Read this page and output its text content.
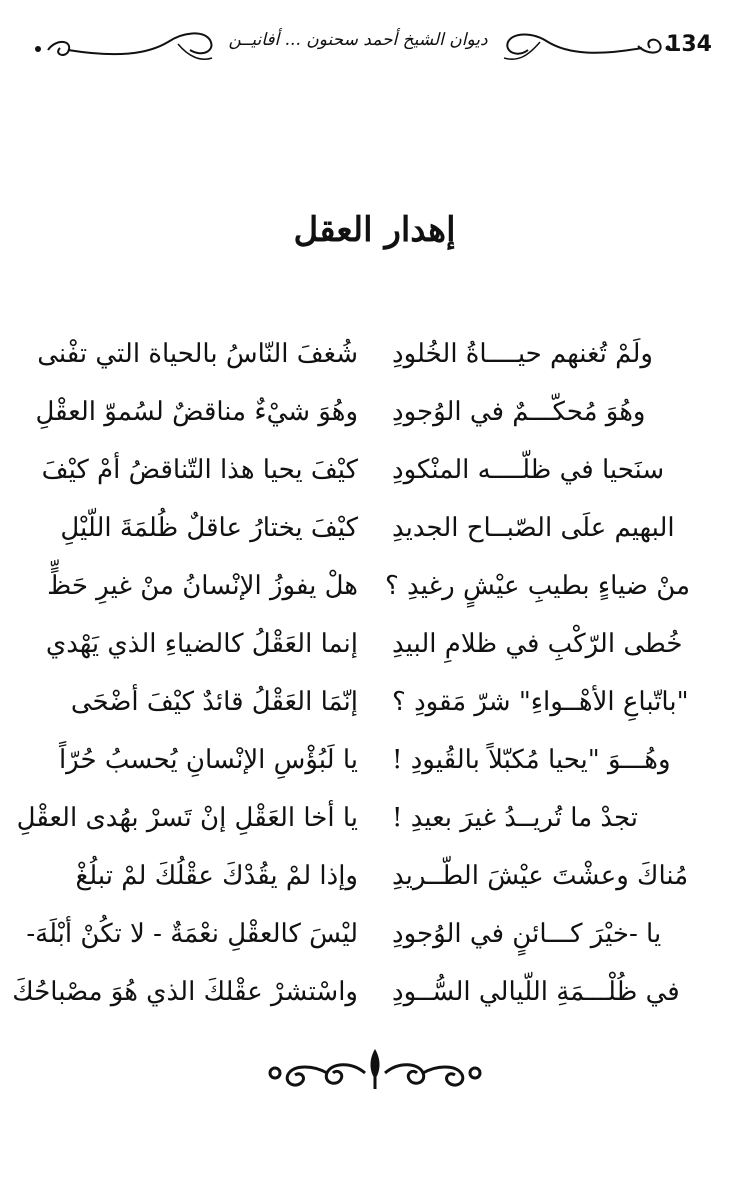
134
ديوان الشيخ أحمد سحنون ... أفانيــن
إهدار العقل
شُغفَ النّاسُ بالحياة التي تفْنى ولَمْ تُغنهم حيــــاةُ الخُلودِ
وهُوَ شيْءٌ مناقضٌ لسُموّ العقْلِ وهُوَ مُحكّـــمٌ في الوُجودِ
كيْفَ يحيا هذا التّناقضُ أمْ كيْفَ سنَحيا في ظلّــــه المنْكودِ
كيْفَ يختارُ عاقلٌ ظُلمَةَ اللّيْلِ البهيم علَى الصّبــاح الجديدِ
هلْ يفوزُ الإنْسانُ منْ غيرِ حَظٍّ منْ ضياءٍ بطيبِ عيْشٍ رغيدِ ؟
إنما العَقْلُ كالضياءِ الذي يَهْدي خُطى الرّكْبِ في ظلامِ البيدِ
إنّمَا العَقْلُ قائدٌ كيْفَ أضْحَى "باتّباعِ الأهْــواءِ" شرّ مَقودِ ؟
يا لَبُؤْسِ الإنْسانِ يُحسبُ حُرّاً وهُـــوَ "يحيا مُكبّلاً بالقُيودِ !
يا أخا العَقْلِ إنْ تَسرْ بهُدى العقْلِ تجدْ ما تُريــدُ غيرَ بعيدِ !
وإذا لمْ يقُدْكَ عقْلُكَ لمْ تبلُغْ مُناكَ وعشْتَ عيْشَ الطّــريدِ
ليْسَ كالعقْلِ نعْمَةٌ - لا تكُنْ أبْلَهَ- يا -خيْرَ كـــائنٍ في الوُجودِ
واسْتشرْ عقْلكَ الذي هُوَ مصْباحُكَ في ظُلْـــمَةِ اللّيالي السُّــودِ
